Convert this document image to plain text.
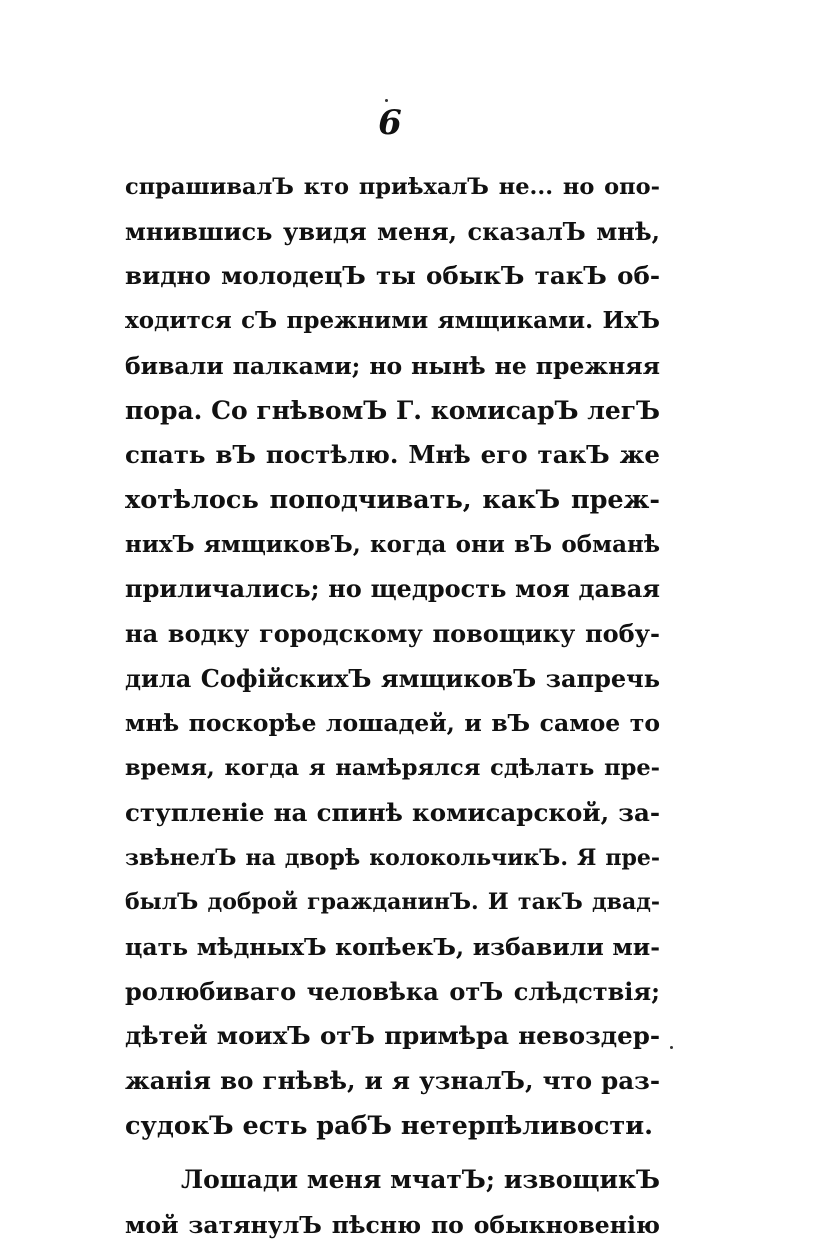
6
спрашивалЪ кто приѣхалЪ не... но опо-
мнившись увидя меня, сказалЪ мнѣ,
видно молодецЪ ты обыкЪ такЪ об-
ходится сЪ прежними ямщиками. ИхЪ
бивали палками; но нынѣ не прежняя
пора. Со гнѣвомЪ Г. комисарЪ легЪ
спать вЪ постѣлю. Мнѣ его такЪ же
хотѣлось поподчивать, какЪ преж-
нихЪ ямщиковЪ, когда они вЪ обманѣ
приличались; но щедрость моя давая
на водку городскому повощику побу-
дила СофійскихЪ ямщиковЪ запречь
мнѣ поскорѣе лошадей, и вЪ самое то
время, когда я намѣрялся сдѣлать пре-
ступленіе на спинѣ комисарской, за-
звѣнелЪ на дворѣ колокольчикЪ. Я пре-
былЪ доброй гражданинЪ. И такЪ двад-
цать мѣдныхЪ копѣекЪ, избавили ми-
ролюбиваго человѣка отЪ слѣдствія;
дѣтей моихЪ отЪ примѣра невоздер-
жанія во гнѣвѣ, и я узналЪ, что раз-
судокЪ есть рабЪ нетерпѣливости.
Лошади меня мчатЪ; извощикЪ
мой затянулЪ пѣсню по обыкновенію
